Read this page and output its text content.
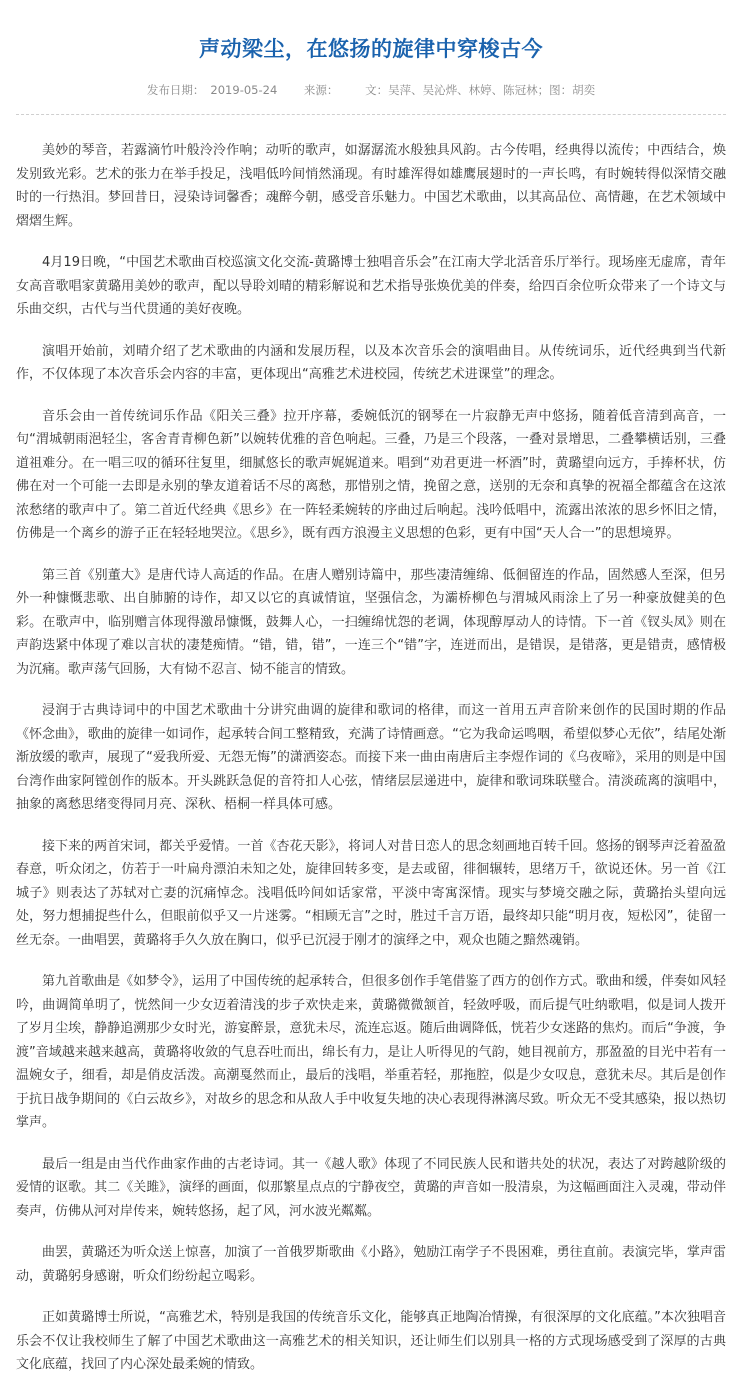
声动梁尘，在悠扬的旋律中穿梭古今
发布日期： 2019-05-24 来源： 文：吴萍、吴沁烨、林婷、陈冠林；图：胡奕

美妙的琴音，若露滴竹叶般泠泠作响；动听的歌声，如潺潺流水般独具风韵。古今传唱，经典得以流传；中西结合，焕发别致光彩。艺术的张力在举手投足，浅唱低吟间悄然涌现。有时雄浑得如雄鹰展翅时的一声长鸣，有时婉转得似深情交融时的一行热泪。梦回昔日，浸染诗词馨香；魂醉今朝，感受音乐魅力。中国艺术歌曲，以其高品位、高情趣，在艺术领域中熠熠生辉。

4月19日晚，“中国艺术歌曲百校巡演文化交流-黄璐博士独唱音乐会”在江南大学北活音乐厅举行。现场座无虚席，青年女高音歌唱家黄璐用美妙的歌声，配以导聆刘晴的精彩解说和艺术指导张焕优美的伴奏，给四百余位听众带来了一个诗文与乐曲交织，古代与当代贯通的美好夜晚。

演唱开始前，刘晴介绍了艺术歌曲的内涵和发展历程，以及本次音乐会的演唱曲目。从传统词乐，近代经典到当代新作，不仅体现了本次音乐会内容的丰富，更体现出“高雅艺术进校园，传统艺术进课堂”的理念。

音乐会由一首传统词乐作品《阳关三叠》拉开序幕，委婉低沉的钢琴在一片寂静无声中悠扬，随着低音清到高音，一句“渭城朝雨浥轻尘，客舍青青柳色新”以婉转优雅的音色响起。三叠，乃是三个段落，一叠对景增思，二叠攀横话别，三叠道祖难分。在一唱三叹的循环往复里，细腻悠长的歌声娓娓道来。唱到“劝君更进一杯酒”时，黄璐望向远方，手捧杯状，仿佛在对一个可能一去即是永别的挚友道着话不尽的离愁，那惜别之情，挽留之意，送别的无奈和真挚的祝福全都蕴含在这浓浓愁绪的歌声中了。第二首近代经典《思乡》在一阵轻柔婉转的序曲过后响起。浅吟低唱中，流露出浓浓的思乡怀旧之情，仿佛是一个离乡的游子正在轻轻地哭泣。《思乡》，既有西方浪漫主义思想的色彩，更有中国“天人合一”的思想境界。

第三首《别董大》是唐代诗人高适的作品。在唐人赠别诗篇中，那些凄清缠绵、低徊留连的作品，固然感人至深，但另外一种慷慨悲歌、出自肺腑的诗作，却又以它的真诚情谊，坚强信念，为灞桥柳色与渭城风雨涂上了另一种豪放健美的色彩。在歌声中，临别赠言体现得激昂慷慨，鼓舞人心，一扫缠绵忧怨的老调，体现醇厚动人的诗情。下一首《钗头凤》则在声韵迭紧中体现了难以言状的凄楚痴情。“错，错，错”，一连三个“错”字，连迸而出，是错误，是错落，更是错责，感情极为沉痛。歌声荡气回肠，大有恸不忍言、恸不能言的情致。

浸润于古典诗词中的中国艺术歌曲十分讲究曲调的旋律和歌词的格律，而这一首用五声音阶来创作的民国时期的作品《怀念曲》，歌曲的旋律一如词作，起承转合间工整精致，充满了诗情画意。“它为我命运鸣咽，希望似梦心无依”，结尾处渐渐放缓的歌声，展现了“爱我所爱、无怨无悔”的潇洒姿态。而接下来一曲由南唐后主李煜作词的《乌夜啼》，采用的则是中国台湾作曲家阿镗创作的版本。开头跳跃急促的音符扣人心弦，情绪层层递进中，旋律和歌词珠联璧合。清淡疏离的演唱中，抽象的离愁思绪变得同月亮、深秋、梧桐一样具体可感。

接下来的两首宋词，都关乎爱情。一首《杏花天影》，将词人对昔日恋人的思念刻画地百转千回。悠扬的钢琴声泛着盈盈春意，听众闭之，仿若于一叶扁舟漂泊未知之处，旋律回转多变，是去或留，徘徊辗转，思绪万千，欲说还休。另一首《江城子》则表达了苏轼对亡妻的沉痛悼念。浅唱低吟间如话家常，平淡中寄寓深情。现实与梦境交融之际，黄璐抬头望向远处，努力想捕捉些什么，但眼前似乎又一片迷雾。“相顾无言”之时，胜过千言万语，最终却只能“明月夜，短松冈”，徒留一丝无奈。一曲唱罢，黄璐将手久久放在胸口，似乎已沉浸于刚才的演绎之中，观众也随之黯然魂销。

第九首歌曲是《如梦令》，运用了中国传统的起承转合，但很多创作手笔借鉴了西方的创作方式。歌曲和缓，伴奏如风轻吟，曲调简单明了，恍然间一少女迈着清浅的步子欢快走来，黄璐微微颔首，轻敛呼吸，而后提气吐纳歌唱，似是词人拨开了岁月尘埃，静静追溯那少女时光，游宴醉景，意犹未尽，流连忘返。随后曲调降低，恍若少女迷路的焦灼。而后“争渡，争渡”音域越来越来越高，黄璐将收敛的气息吞吐而出，绵长有力，是让人听得见的气韵，她目视前方，那盈盈的目光中若有一温婉女子，细看，却是俏皮活泼。高潮戛然而止，最后的浅唱，举重若轻，那拖腔，似是少女叹息，意犹未尽。其后是创作于抗日战争期间的《白云故乡》，对故乡的思念和从敌人手中收复失地的决心表现得淋漓尽致。听众无不受其感染，报以热切掌声。

最后一组是由当代作曲家作曲的古老诗词。其一《越人歌》体现了不同民族人民和谐共处的状况，表达了对跨越阶级的爱情的讴歌。其二《关雎》，演绎的画面，似那繁星点点的宁静夜空，黄璐的声音如一股清泉，为这幅画面注入灵魂，带动伴奏声，仿佛从河对岸传来，婉转悠扬，起了风，河水波光粼粼。

曲罢，黄璐还为听众送上惊喜，加演了一首俄罗斯歌曲《小路》，勉励江南学子不畏困难，勇往直前。表演完毕，掌声雷动，黄璐躬身感谢，听众们纷纷起立喝彩。

正如黄璐博士所说，“高雅艺术，特别是我国的传统音乐文化，能够真正地陶冶情操，有很深厚的文化底蕴。”本次独唱音乐会不仅让我校师生了解了中国艺术歌曲这一高雅艺术的相关知识，还让师生们以别具一格的方式现场感受到了深厚的古典文化底蕴，找回了内心深处最柔婉的情致。
